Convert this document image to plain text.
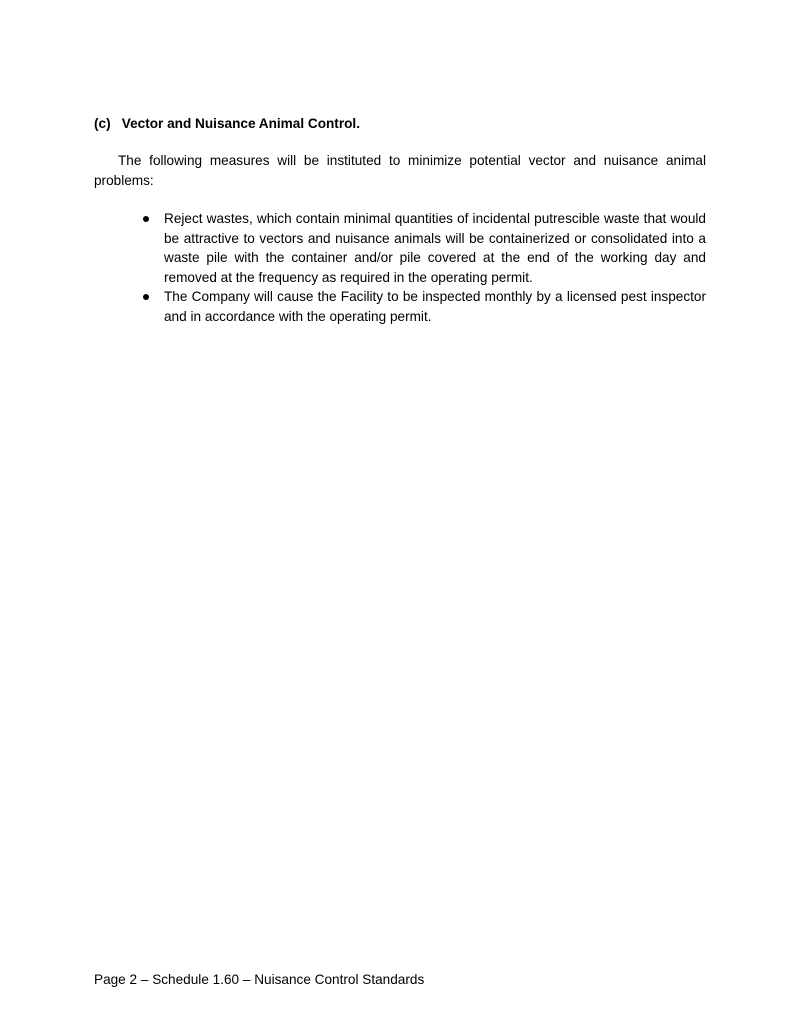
(c) Vector and Nuisance Animal Control.

The following measures will be instituted to minimize potential vector and nuisance animal problems:

Reject wastes, which contain minimal quantities of incidental putrescible waste that would be attractive to vectors and nuisance animals will be containerized or consolidated into a waste pile with the container and/or pile covered at the end of the working day and removed at the frequency as required in the operating permit.
The Company will cause the Facility to be inspected monthly by a licensed pest inspector and in accordance with the operating permit.
Page 2 – Schedule 1.60 – Nuisance Control Standards
